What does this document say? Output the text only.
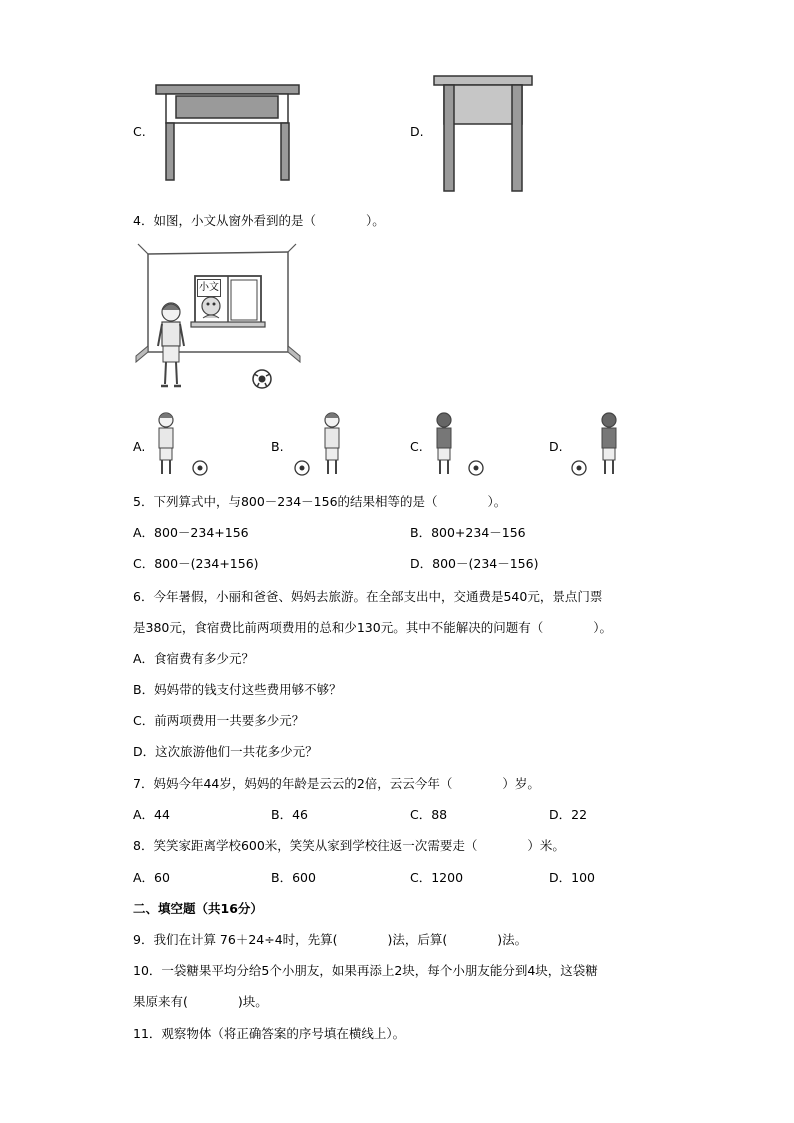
C.	D.
4．如图，小文从窗外看到的是（　　　　）。
小文
A.	B.	C.	D.
5．下列算式中，与800－234－156的结果相等的是（　　　　）。
A．800－234+156	B．800+234－156
C．800－(234+156)	D．800－(234－156)
6．今年暑假，小丽和爸爸、妈妈去旅游。在全部支出中，交通费是540元，景点门票
是380元，食宿费比前两项费用的总和少130元。其中不能解决的问题有（　　　　）。
A．食宿费有多少元？
B．妈妈带的钱支付这些费用够不够？
C．前两项费用一共要多少元？
D．这次旅游他们一共花多少元？
7．妈妈今年44岁，妈妈的年龄是云云的2倍，云云今年（　　　　）岁。
A．44	B．46	C．88	D．22
8．笑笑家距离学校600米，笑笑从家到学校往返一次需要走（　　　　）米。
A．60	B．600	C．1200	D．100
二、填空题（共16分）
9．我们在计算 76＋24÷4时，先算(　　　　)法，后算(　　　　)法。
10．一袋糖果平均分给5个小朋友，如果再添上2块，每个小朋友能分到4块，这袋糖
果原来有(　　　　)块。
11．观察物体（将正确答案的序号填在横线上）。
